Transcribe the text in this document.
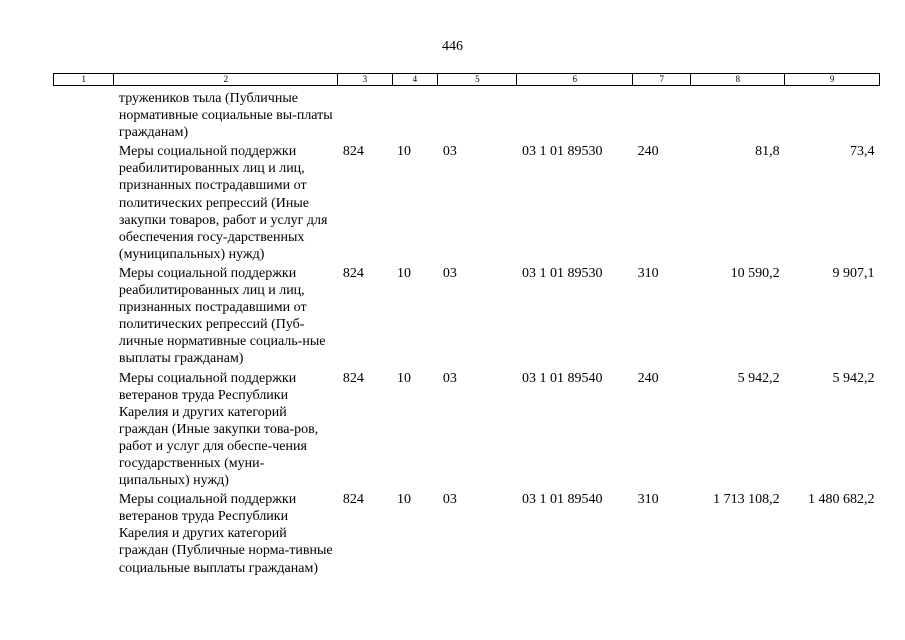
446
1	2	3	4	5	6	7	8	9
	тружеников тыла (Публичные нормативные социальные вы-платы гражданам)							
	Меры социальной поддержки реабилитированных лиц и лиц, признанных пострадавшими от политических репрессий (Иные закупки товаров, работ и услуг для обеспечения госу-дарственных (муниципальных) нужд)	824	10	03	03 1 01 89530	240	81,8	73,4
	Меры социальной поддержки реабилитированных лиц и лиц, признанных пострадавшими от политических репрессий (Пуб-личные нормативные социаль-ные выплаты гражданам)	824	10	03	03 1 01 89530	310	10 590,2	9 907,1
	Меры социальной поддержки ветеранов труда Республики Карелия и других категорий граждан (Иные закупки това-ров, работ и услуг для обеспе-чения государственных (муни-ципальных) нужд)	824	10	03	03 1 01 89540	240	5 942,2	5 942,2
	Меры социальной поддержки ветеранов труда Республики Карелия и других категорий граждан (Публичные норма-тивные социальные выплаты гражданам)	824	10	03	03 1 01 89540	310	1 713 108,2	1 480 682,2
